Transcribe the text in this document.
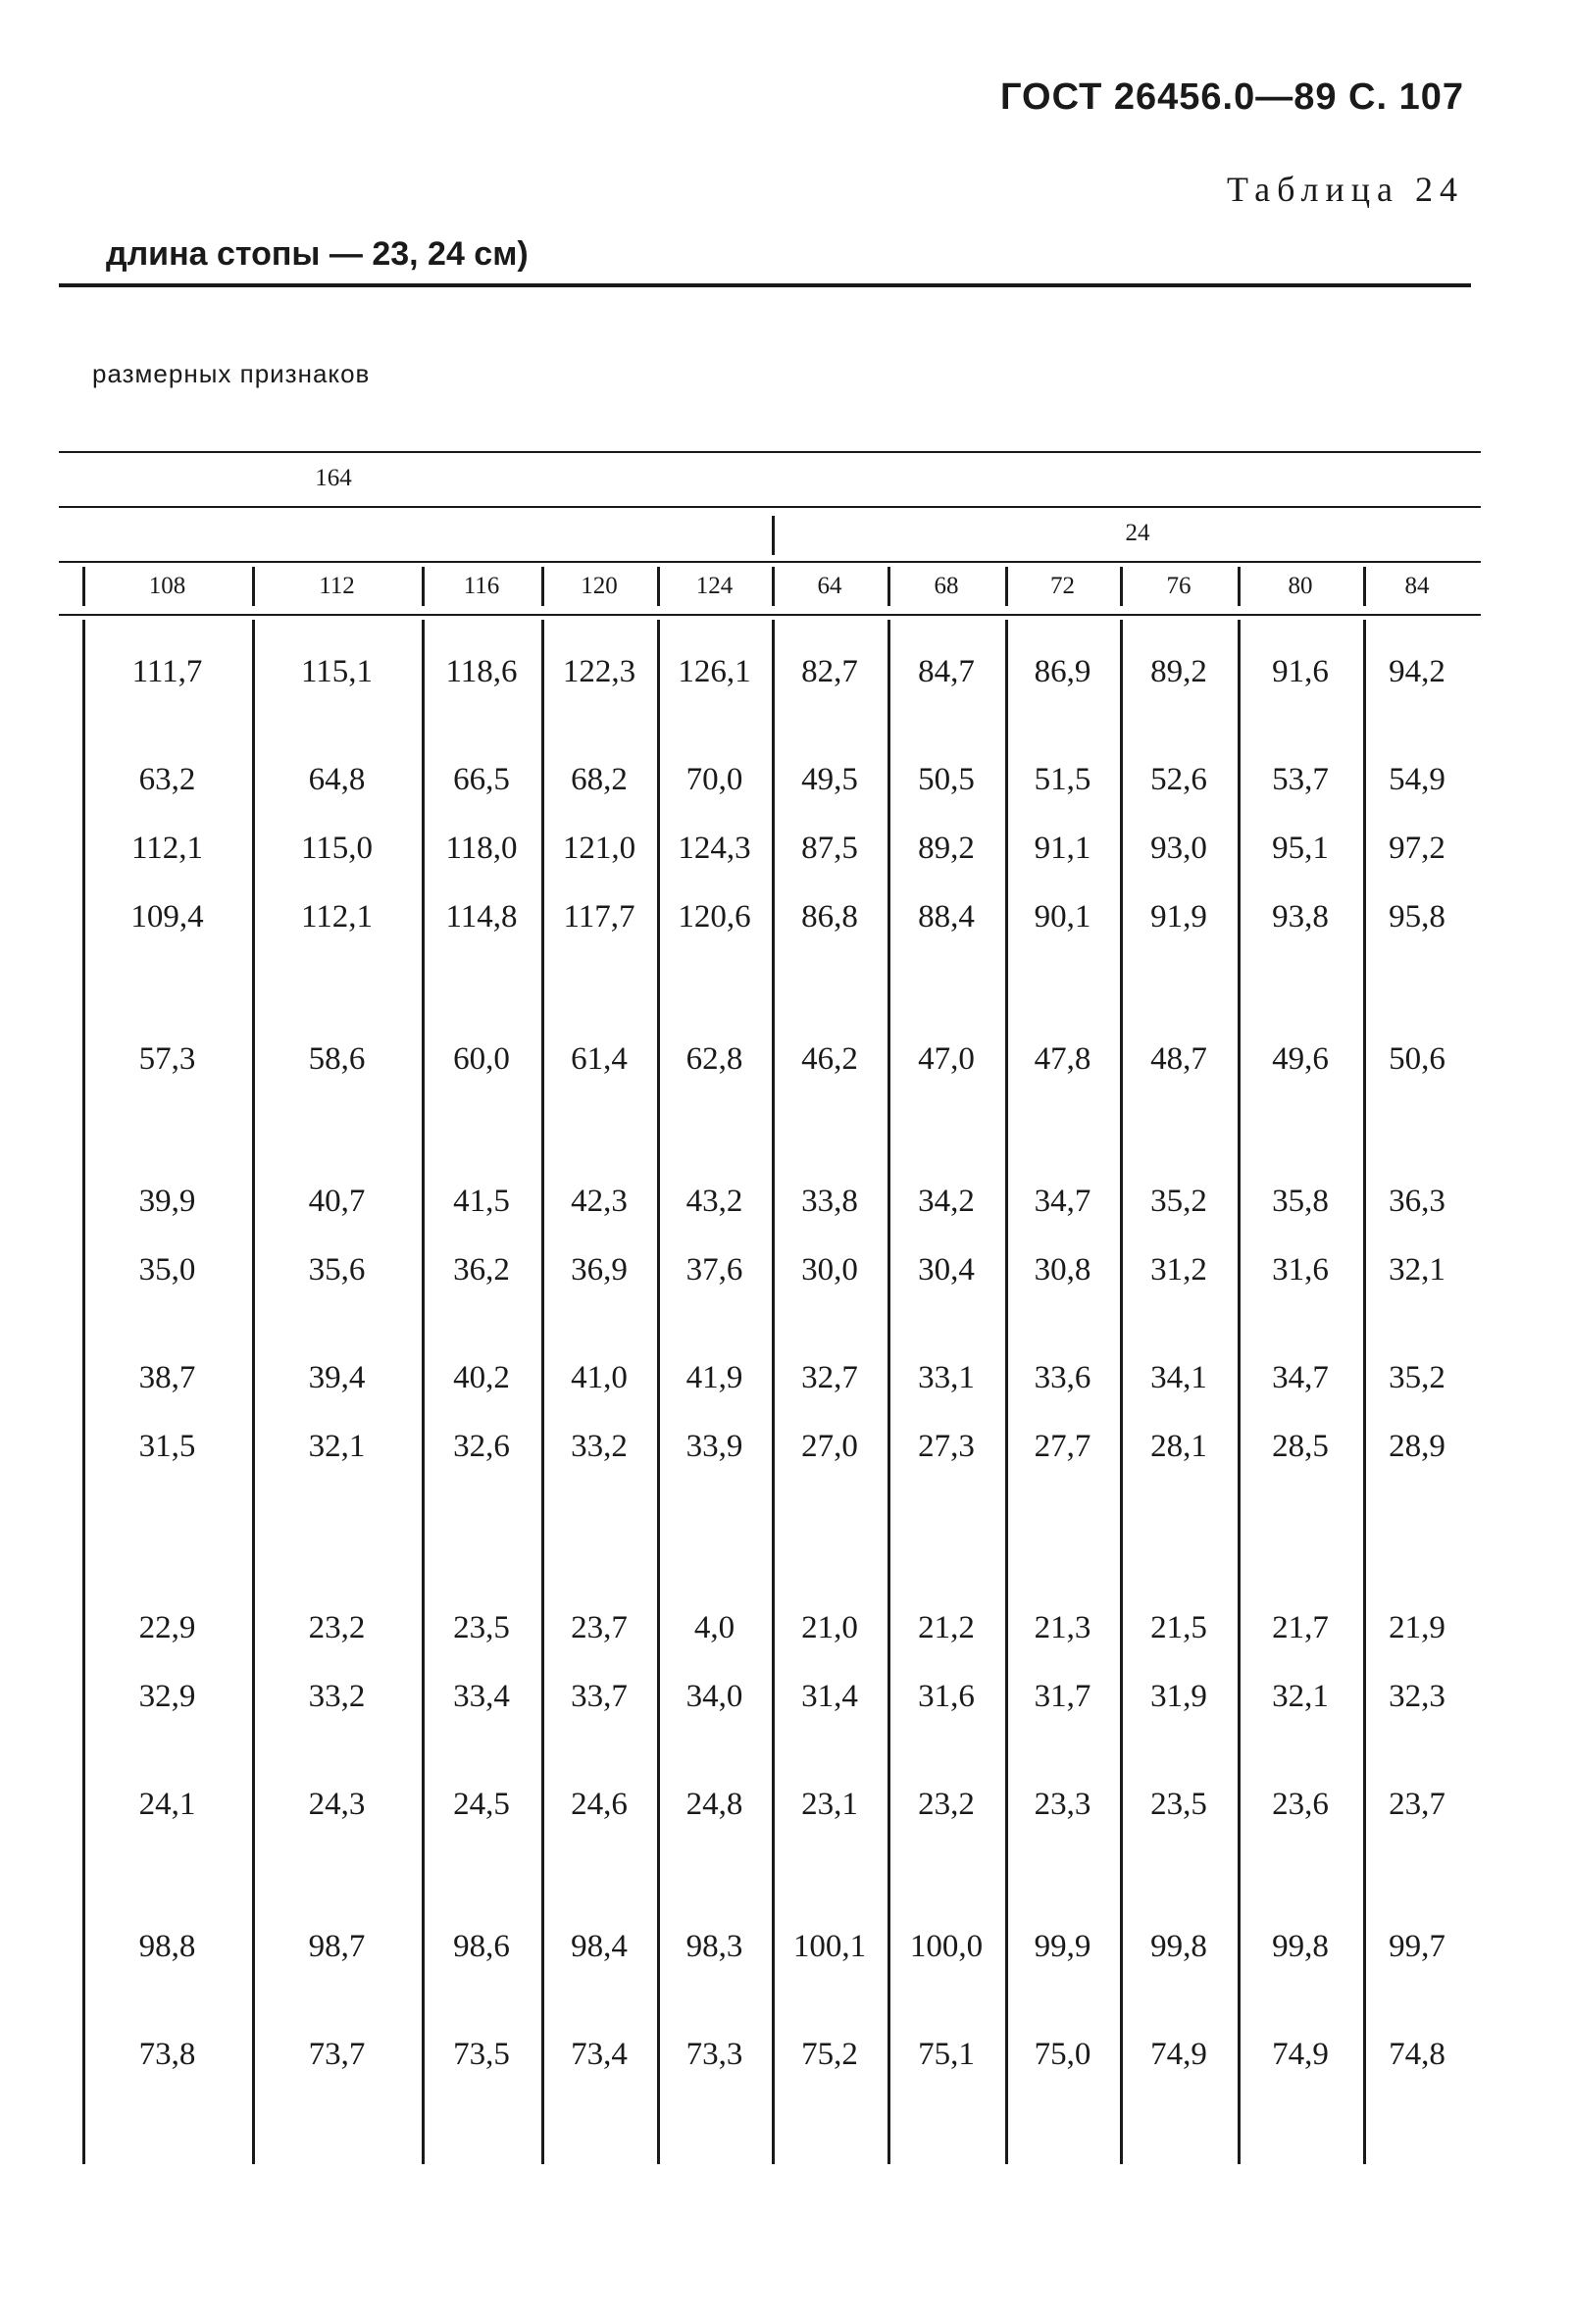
ГОСТ 26456.0—89 С. 107
Таблица 24
длина стопы — 23, 24 см)
размерных признаков
164
24
108	112	116	120	124	64	68	72	76	80	84
111,7	115,1	118,6	122,3	126,1	82,7	84,7	86,9	89,2	91,6	94,2
63,2	64,8	66,5	68,2	70,0	49,5	50,5	51,5	52,6	53,7	54,9
112,1	115,0	118,0	121,0	124,3	87,5	89,2	91,1	93,0	95,1	97,2
109,4	112,1	114,8	117,7	120,6	86,8	88,4	90,1	91,9	93,8	95,8
57,3	58,6	60,0	61,4	62,8	46,2	47,0	47,8	48,7	49,6	50,6
39,9	40,7	41,5	42,3	43,2	33,8	34,2	34,7	35,2	35,8	36,3
35,0	35,6	36,2	36,9	37,6	30,0	30,4	30,8	31,2	31,6	32,1
38,7	39,4	40,2	41,0	41,9	32,7	33,1	33,6	34,1	34,7	35,2
31,5	32,1	32,6	33,2	33,9	27,0	27,3	27,7	28,1	28,5	28,9
22,9	23,2	23,5	23,7	4,0	21,0	21,2	21,3	21,5	21,7	21,9
32,9	33,2	33,4	33,7	34,0	31,4	31,6	31,7	31,9	32,1	32,3
24,1	24,3	24,5	24,6	24,8	23,1	23,2	23,3	23,5	23,6	23,7
98,8	98,7	98,6	98,4	98,3	100,1	100,0	99,9	99,8	99,8	99,7
73,8	73,7	73,5	73,4	73,3	75,2	75,1	75,0	74,9	74,9	74,8
